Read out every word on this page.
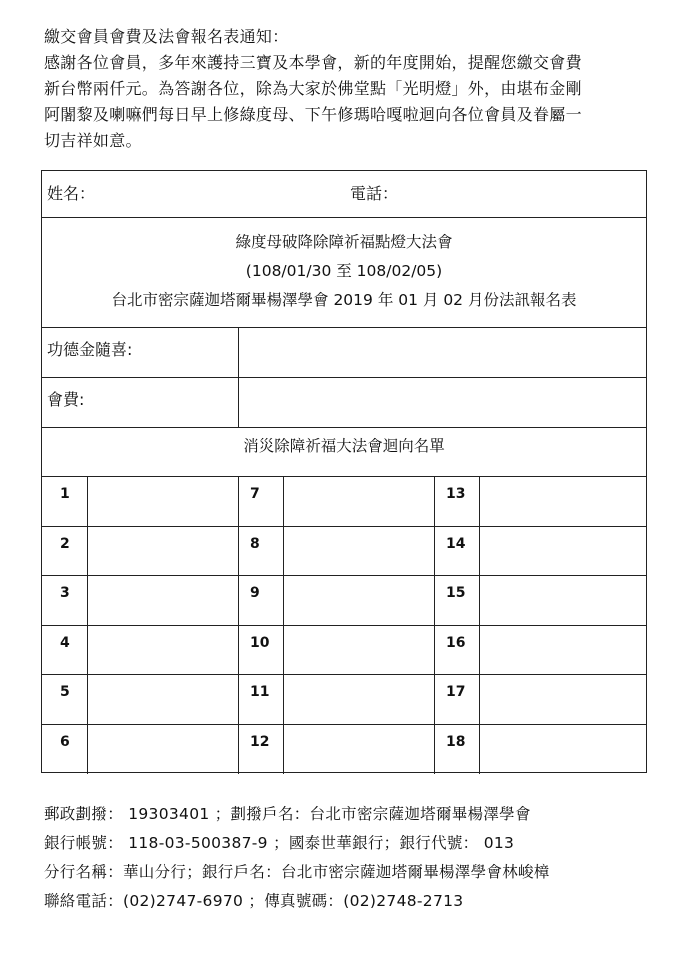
繳交會員會費及法會報名表通知：
感謝各位會員，多年來護持三寶及本學會，新的年度開始，提醒您繳交會費
新台幣兩仟元。為答謝各位，除為大家於佛堂點「光明燈」外，由堪布金剛
阿闍黎及喇嘛們每日早上修綠度母、下午修瑪哈嘎啦迴向各位會員及眷屬一
切吉祥如意。
姓名：	電話：
綠度母破降除障祈福點燈大法會
(108/01/30 至 108/02/05)
台北市密宗薩迦塔爾畢楊澤學會 2019 年 01 月 02 月份法訊報名表
功德金隨喜:
會費:
消災除障祈福大法會迴向名單
1	7	13
2	8	14
3	9	15
4	10	16
5	11	17
6	12	18
郵政劃撥： 19303401 ；劃撥戶名：台北市密宗薩迦塔爾畢楊澤學會
銀行帳號： 118-03-500387-9 ；國泰世華銀行；銀行代號： 013
分行名稱：華山分行；銀行戶名：台北市密宗薩迦塔爾畢楊澤學會林峻樟
聯絡電話：(02)2747-6970 ；傳真號碼：(02)2748-2713
